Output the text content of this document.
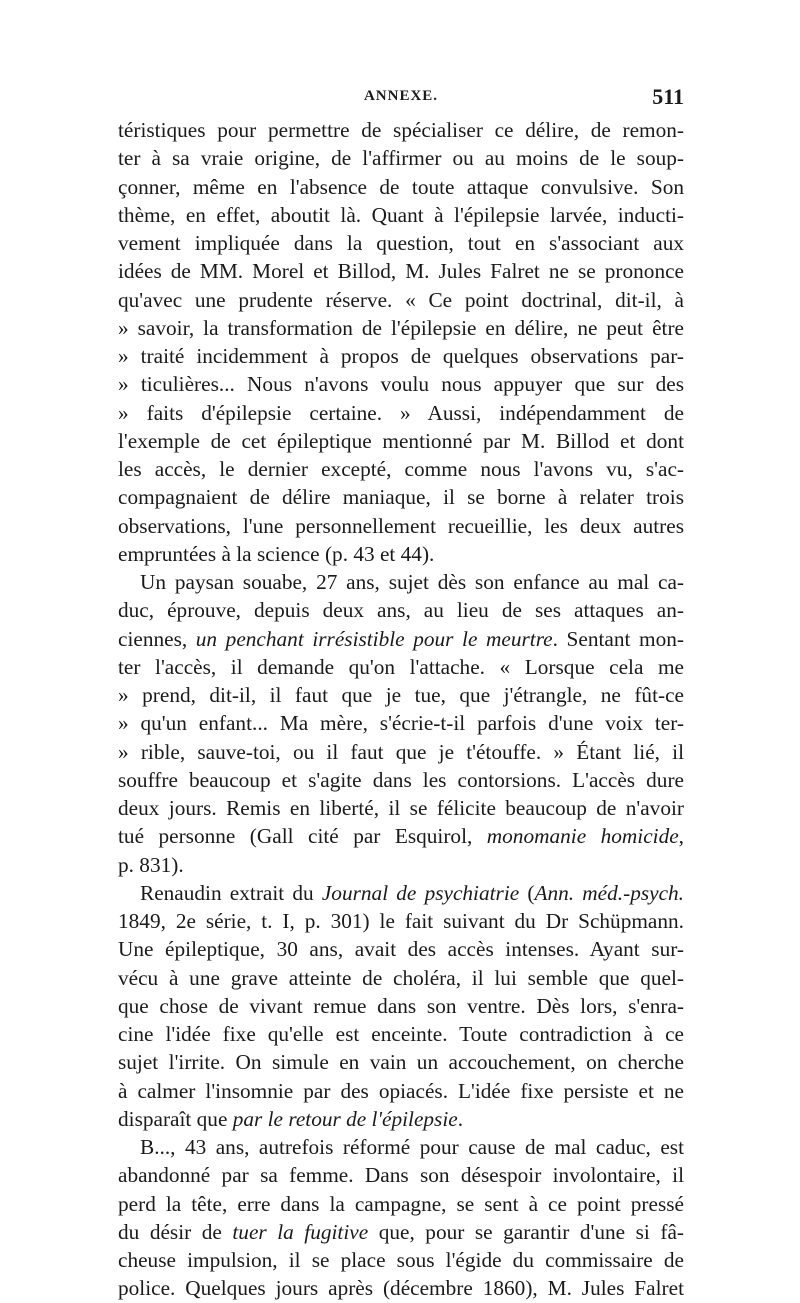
ANNEXE.	511
téristiques pour permettre de spécialiser ce délire, de remon-
ter à sa vraie origine, de l'affirmer ou au moins de le soup-
çonner, même en l'absence de toute attaque convulsive. Son
thème, en effet, aboutit là. Quant à l'épilepsie larvée, inducti-
vement impliquée dans la question, tout en s'associant aux
idées de MM. Morel et Billod, M. Jules Falret ne se prononce
qu'avec une prudente réserve. « Ce point doctrinal, dit-il, à
» savoir, la transformation de l'épilepsie en délire, ne peut être
» traité incidemment à propos de quelques observations par-
» ticulières... Nous n'avons voulu nous appuyer que sur des
» faits d'épilepsie certaine. » Aussi, indépendamment de
l'exemple de cet épileptique mentionné par M. Billod et dont
les accès, le dernier excepté, comme nous l'avons vu, s'ac-
compagnaient de délire maniaque, il se borne à relater trois
observations, l'une personnellement recueillie, les deux autres
empruntées à la science (p. 43 et 44).
Un paysan souabe, 27 ans, sujet dès son enfance au mal ca-
duc, éprouve, depuis deux ans, au lieu de ses attaques an-
ciennes, un penchant irrésistible pour le meurtre. Sentant mon-
ter l'accès, il demande qu'on l'attache. « Lorsque cela me
» prend, dit-il, il faut que je tue, que j'étrangle, ne fût-ce
» qu'un enfant... Ma mère, s'écrie-t-il parfois d'une voix ter-
» rible, sauve-toi, ou il faut que je t'étouffe. » Étant lié, il
souffre beaucoup et s'agite dans les contorsions. L'accès dure
deux jours. Remis en liberté, il se félicite beaucoup de n'avoir
tué personne (Gall cité par Esquirol, monomanie homicide,
p. 831).
Renaudin extrait du Journal de psychiatrie (Ann. méd.-psych.
1849, 2e série, t. I, p. 301) le fait suivant du Dr Schüpmann.
Une épileptique, 30 ans, avait des accès intenses. Ayant sur-
vécu à une grave atteinte de choléra, il lui semble que quel-
que chose de vivant remue dans son ventre. Dès lors, s'enra-
cine l'idée fixe qu'elle est enceinte. Toute contradiction à ce
sujet l'irrite. On simule en vain un accouchement, on cherche
à calmer l'insomnie par des opiacés. L'idée fixe persiste et ne
disparaît que par le retour de l'épilepsie.
B..., 43 ans, autrefois réformé pour cause de mal caduc, est
abandonné par sa femme. Dans son désespoir involontaire, il
perd la tête, erre dans la campagne, se sent à ce point pressé
du désir de tuer la fugitive que, pour se garantir d'une si fâ-
cheuse impulsion, il se place sous l'égide du commissaire de
police. Quelques jours après (décembre 1860), M. Jules Falret
